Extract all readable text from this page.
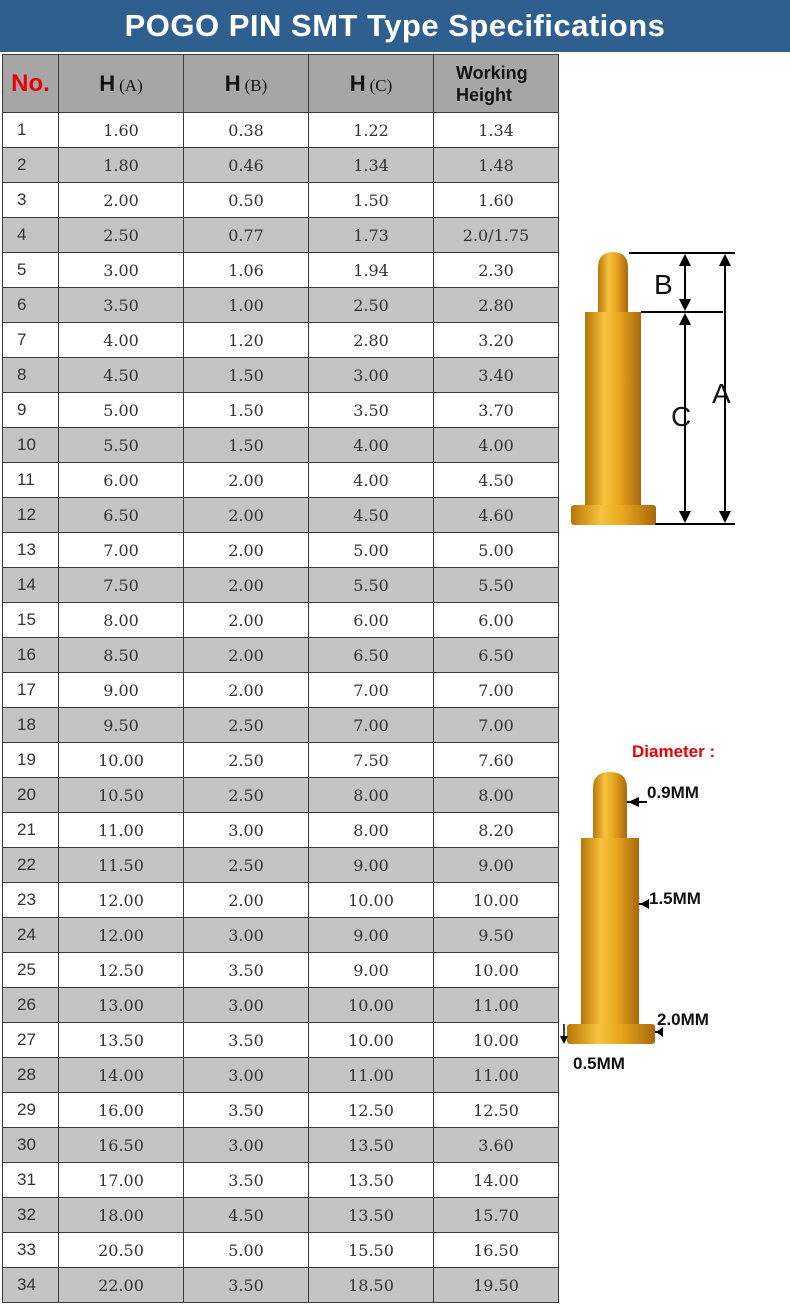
POGO PIN SMT Type Specifications
No.	H (A)	H (B)	H (C)	Working
Height
1	1.60	0.38	1.22	1.34
2	1.80	0.46	1.34	1.48
3	2.00	0.50	1.50	1.60
4	2.50	0.77	1.73	2.0/1.75
5	3.00	1.06	1.94	2.30
6	3.50	1.00	2.50	2.80
7	4.00	1.20	2.80	3.20
8	4.50	1.50	3.00	3.40
9	5.00	1.50	3.50	3.70
10	5.50	1.50	4.00	4.00
11	6.00	2.00	4.00	4.50
12	6.50	2.00	4.50	4.60
13	7.00	2.00	5.00	5.00
14	7.50	2.00	5.50	5.50
15	8.00	2.00	6.00	6.00
16	8.50	2.00	6.50	6.50
17	9.00	2.00	7.00	7.00
18	9.50	2.50	7.00	7.00
19	10.00	2.50	7.50	7.60
20	10.50	2.50	8.00	8.00
21	11.00	3.00	8.00	8.20
22	11.50	2.50	9.00	9.00
23	12.00	2.00	10.00	10.00
24	12.00	3.00	9.00	9.50
25	12.50	3.50	9.00	10.00
26	13.00	3.00	10.00	11.00
27	13.50	3.50	10.00	10.00
28	14.00	3.00	11.00	11.00
29	16.00	3.50	12.50	12.50
30	16.50	3.00	13.50	3.60
31	17.00	3.50	13.50	14.00
32	18.00	4.50	13.50	15.70
33	20.50	5.00	15.50	16.50
34	22.00	3.50	18.50	19.50
B
C
A
Diameter :
0.9MM
1.5MM
2.0MM
0.5MM
